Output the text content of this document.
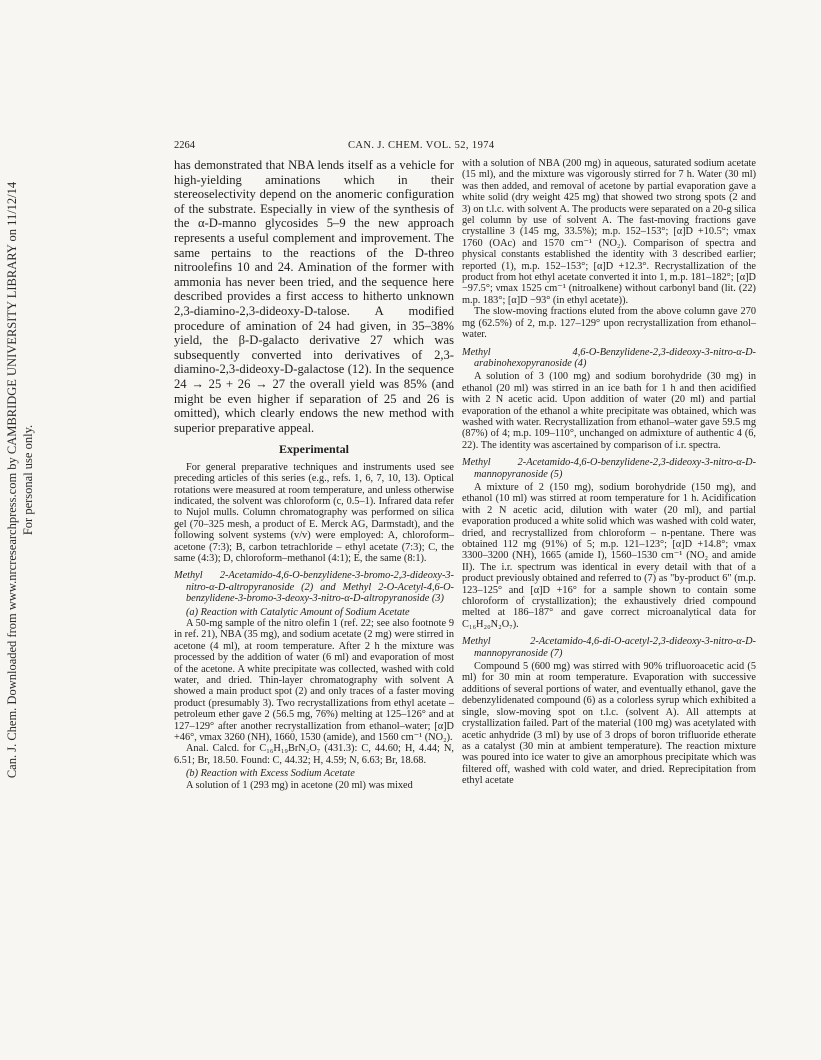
Can. J. Chem. Downloaded from www.nrcresearchpress.com by CAMBRIDGE UNIVERSITY LIBRARY on 11/12/14 For personal use only.
2264	CAN. J. CHEM. VOL. 52, 1974

has demonstrated that NBA lends itself as a vehicle for high-yielding aminations which in their stereoselectivity depend on the anomeric configuration of the substrate. Especially in view of the synthesis of the α-D-manno glycosides 5–9 the new approach represents a useful complement and improvement. The same pertains to the reactions of the D-threo nitroolefins 10 and 24. Amination of the former with ammonia has never been tried, and the sequence here described provides a first access to hitherto unknown 2,3-diamino-2,3-dideoxy-D-talose. A modified procedure of amination of 24 had given, in 35–38% yield, the β-D-galacto derivative 27 which was subsequently converted into derivatives of 2,3-diamino-2,3-dideoxy-D-galactose (12). In the sequence 24 → 25 + 26 → 27 the overall yield was 85% (and might be even higher if separation of 25 and 26 is omitted), which clearly endows the new method with superior preparative appeal.

Experimental

For general preparative techniques and instruments used see preceding articles of this series (e.g., refs. 1, 6, 7, 10, 13). Optical rotations were measured at room temperature, and unless otherwise indicated, the solvent was chloroform (c, 0.5–1). Infrared data refer to Nujol mulls. Column chromatography was performed on silica gel (70–325 mesh, a product of E. Merck AG, Darmstadt), and the following solvent systems (v/v) were employed: A, chloroform–acetone (7:3); B, carbon tetrachloride – ethyl acetate (7:3); C, the same (4:3); D, chloroform–methanol (4:1); E, the same (8:1).

Methyl 2-Acetamido-4,6-O-benzylidene-3-bromo-2,3-dideoxy-3-nitro-α-D-altropyranoside (2) and Methyl 2-O-Acetyl-4,6-O-benzylidene-3-bromo-3-deoxy-3-nitro-α-D-altropyranoside (3)
(a) Reaction with Catalytic Amount of Sodium Acetate

A 50-mg sample of the nitro olefin 1 (ref. 22; see also footnote 9 in ref. 21), NBA (35 mg), and sodium acetate (2 mg) were stirred in acetone (4 ml), at room temperature. After 2 h the mixture was processed by the addition of water (6 ml) and evaporation of most of the acetone. A white precipitate was collected, washed with cold water, and dried. Thin-layer chromatography with solvent A showed a main product spot (2) and only traces of a faster moving product (presumably 3). Two recrystallizations from ethyl acetate – petroleum ether gave 2 (56.5 mg, 76%) melting at 125–126° and at 127–129° after another recrystallization from ethanol–water; [α]D +46°, νmax 3260 (NH), 1660, 1530 (amide), and 1560 cm⁻¹ (NO₂).

Anal. Calcd. for C₁₆H₁₉BrN₂O₇ (431.3): C, 44.60; H, 4.44; N, 6.51; Br, 18.50. Found: C, 44.32; H, 4.59; N, 6.63; Br, 18.68.

(b) Reaction with Excess Sodium Acetate

A solution of 1 (293 mg) in acetone (20 ml) was mixed

with a solution of NBA (200 mg) in aqueous, saturated sodium acetate (15 ml), and the mixture was vigorously stirred for 7 h. Water (30 ml) was then added, and removal of acetone by partial evaporation gave a white solid (dry weight 425 mg) that showed two strong spots (2 and 3) on t.l.c. with solvent A. The products were separated on a 20-g silica gel column by use of solvent A. The fast-moving fractions gave crystalline 3 (145 mg, 33.5%); m.p. 152–153°; [α]D +10.5°; νmax 1760 (OAc) and 1570 cm⁻¹ (NO₂). Comparison of spectra and physical constants established the identity with 3 described earlier; reported (1), m.p. 152–153°; [α]D +12.3°. Recrystallization of the product from hot ethyl acetate converted it into 1, m.p. 181–182°; [α]D −97.5°; νmax 1525 cm⁻¹ (nitroalkene) without carbonyl band (lit. (22) m.p. 183°; [α]D −93° (in ethyl acetate)).

The slow-moving fractions eluted from the above column gave 270 mg (62.5%) of 2, m.p. 127–129° upon recrystallization from ethanol–water.

Methyl 4,6-O-Benzylidene-2,3-dideoxy-3-nitro-α-D-arabinohexopyranoside (4)

A solution of 3 (100 mg) and sodium borohydride (30 mg) in ethanol (20 ml) was stirred in an ice bath for 1 h and then acidified with 2 N acetic acid. Upon addition of water (20 ml) and partial evaporation of the ethanol a white precipitate was obtained, which was washed with water. Recrystallization from ethanol–water gave 59.5 mg (87%) of 4; m.p. 109–110°, unchanged on admixture of authentic 4 (6, 22). The identity was ascertained by comparison of i.r. spectra.

Methyl 2-Acetamido-4,6-O-benzylidene-2,3-dideoxy-3-nitro-α-D-mannopyranoside (5)

A mixture of 2 (150 mg), sodium borohydride (150 mg), and ethanol (10 ml) was stirred at room temperature for 1 h. Acidification with 2 N acetic acid, dilution with water (20 ml), and partial evaporation produced a white solid which was washed with cold water, dried, and recrystallized from chloroform – n-pentane. There was obtained 112 mg (91%) of 5; m.p. 121–123°; [α]D +14.8°; νmax 3300–3200 (NH), 1665 (amide I), 1560–1530 cm⁻¹ (NO₂ and amide II). The i.r. spectrum was identical in every detail with that of a product previously obtained and referred to (7) as "by-product 6" (m.p. 123–125° and [α]D +16° for a sample shown to contain some chloroform of crystallization); the exhaustively dried compound melted at 186–187° and gave correct microanalytical data for C₁₆H₂₀N₂O₇).

Methyl 2-Acetamido-4,6-di-O-acetyl-2,3-dideoxy-3-nitro-α-D-mannopyranoside (7)

Compound 5 (600 mg) was stirred with 90% trifluoroacetic acid (5 ml) for 30 min at room temperature. Evaporation with successive additions of several portions of water, and eventually ethanol, gave the debenzylidenated compound (6) as a colorless syrup which exhibited a single, slow-moving spot on t.l.c. (solvent A). All attempts at crystallization failed. Part of the material (100 mg) was acetylated with acetic anhydride (3 ml) by use of 3 drops of boron trifluoride etherate as a catalyst (30 min at ambient temperature). The reaction mixture was poured into ice water to give an amorphous precipitate which was filtered off, washed with cold water, and dried. Reprecipitation from ethyl acetate
